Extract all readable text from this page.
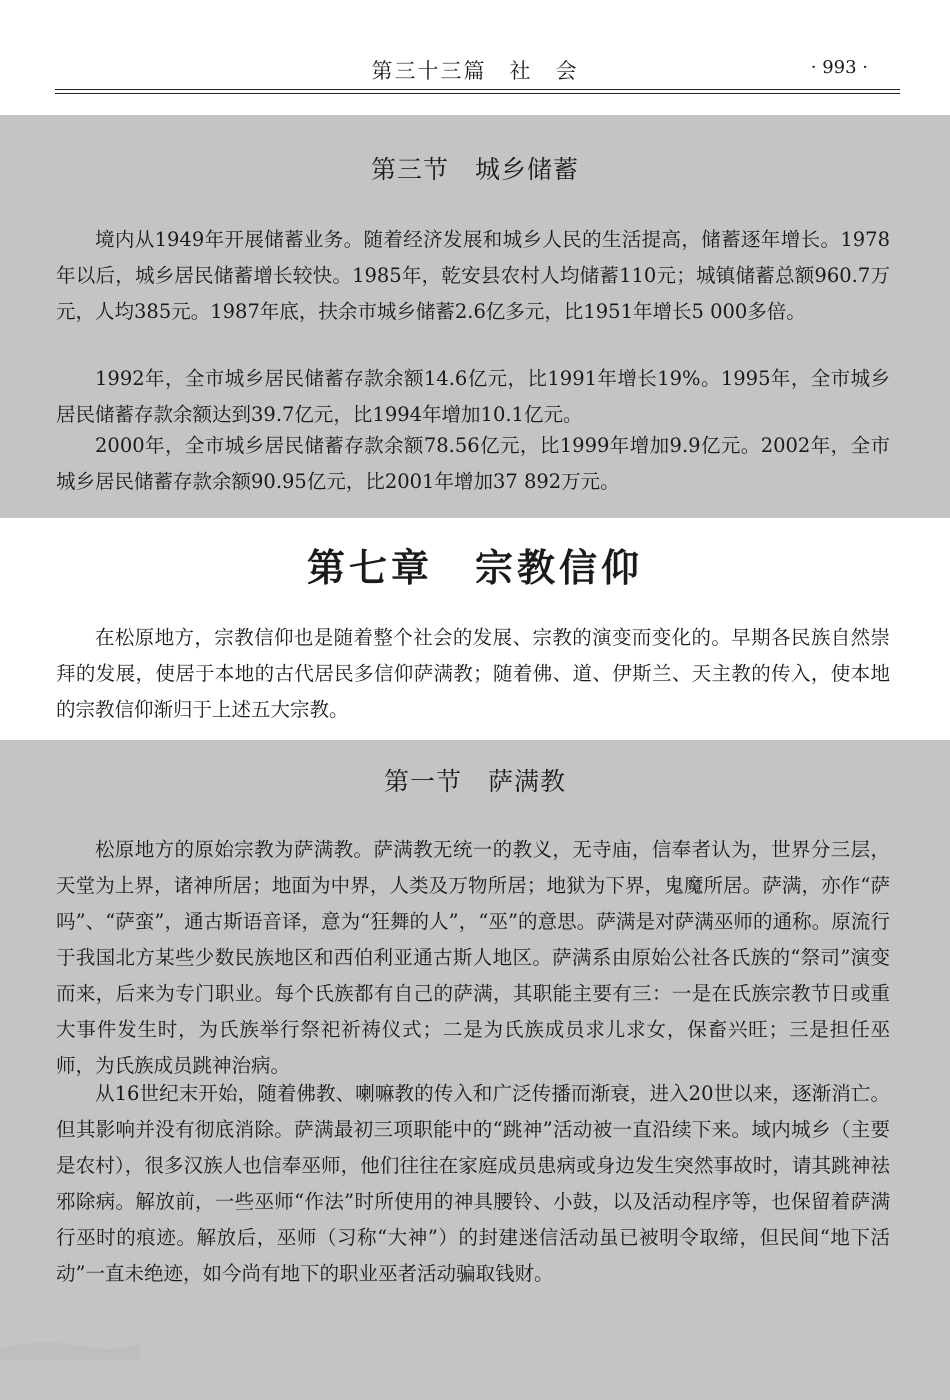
第三十三篇　社　会	· 993 ·
第三节　城乡储蓄

境内从1949年开展储蓄业务。随着经济发展和城乡人民的生活提高，储蓄逐年增长。1978年以后，城乡居民储蓄增长较快。1985年，乾安县农村人均储蓄110元；城镇储蓄总额960.7万元，人均385元。1987年底，扶余市城乡储蓄2.6亿多元，比1951年增长5 000多倍。

1992年，全市城乡居民储蓄存款余额14.6亿元，比1991年增长19%。1995年，全市城乡居民储蓄存款余额达到39.7亿元，比1994年增加10.1亿元。

2000年，全市城乡居民储蓄存款余额78.56亿元，比1999年增加9.9亿元。2002年，全市城乡居民储蓄存款余额90.95亿元，比2001年增加37 892万元。

第七章　宗教信仰

在松原地方，宗教信仰也是随着整个社会的发展、宗教的演变而变化的。早期各民族自然崇拜的发展，使居于本地的古代居民多信仰萨满教；随着佛、道、伊斯兰、天主教的传入，使本地的宗教信仰渐归于上述五大宗教。

第一节　萨满教

松原地方的原始宗教为萨满教。萨满教无统一的教义，无寺庙，信奉者认为，世界分三层，天堂为上界，诸神所居；地面为中界，人类及万物所居；地狱为下界，鬼魔所居。萨满，亦作“萨吗”、“萨蛮”，通古斯语音译，意为“狂舞的人”，“巫”的意思。萨满是对萨满巫师的通称。原流行于我国北方某些少数民族地区和西伯利亚通古斯人地区。萨满系由原始公社各氏族的“祭司”演变而来，后来为专门职业。每个氏族都有自己的萨满，其职能主要有三：一是在氏族宗教节日或重大事件发生时，为氏族举行祭祀祈祷仪式；二是为氏族成员求儿求女，保畜兴旺；三是担任巫师，为氏族成员跳神治病。

从16世纪末开始，随着佛教、喇嘛教的传入和广泛传播而渐衰，进入20世以来，逐渐消亡。但其影响并没有彻底消除。萨满最初三项职能中的“跳神”活动被一直沿续下来。域内城乡（主要是农村），很多汉族人也信奉巫师，他们往往在家庭成员患病或身边发生突然事故时，请其跳神祛邪除病。解放前，一些巫师“作法”时所使用的神具腰铃、小鼓，以及活动程序等，也保留着萨满行巫时的痕迹。解放后，巫师（习称“大神”）的封建迷信活动虽已被明令取缔，但民间“地下活动”一直未绝迹，如今尚有地下的职业巫者活动骗取钱财。
